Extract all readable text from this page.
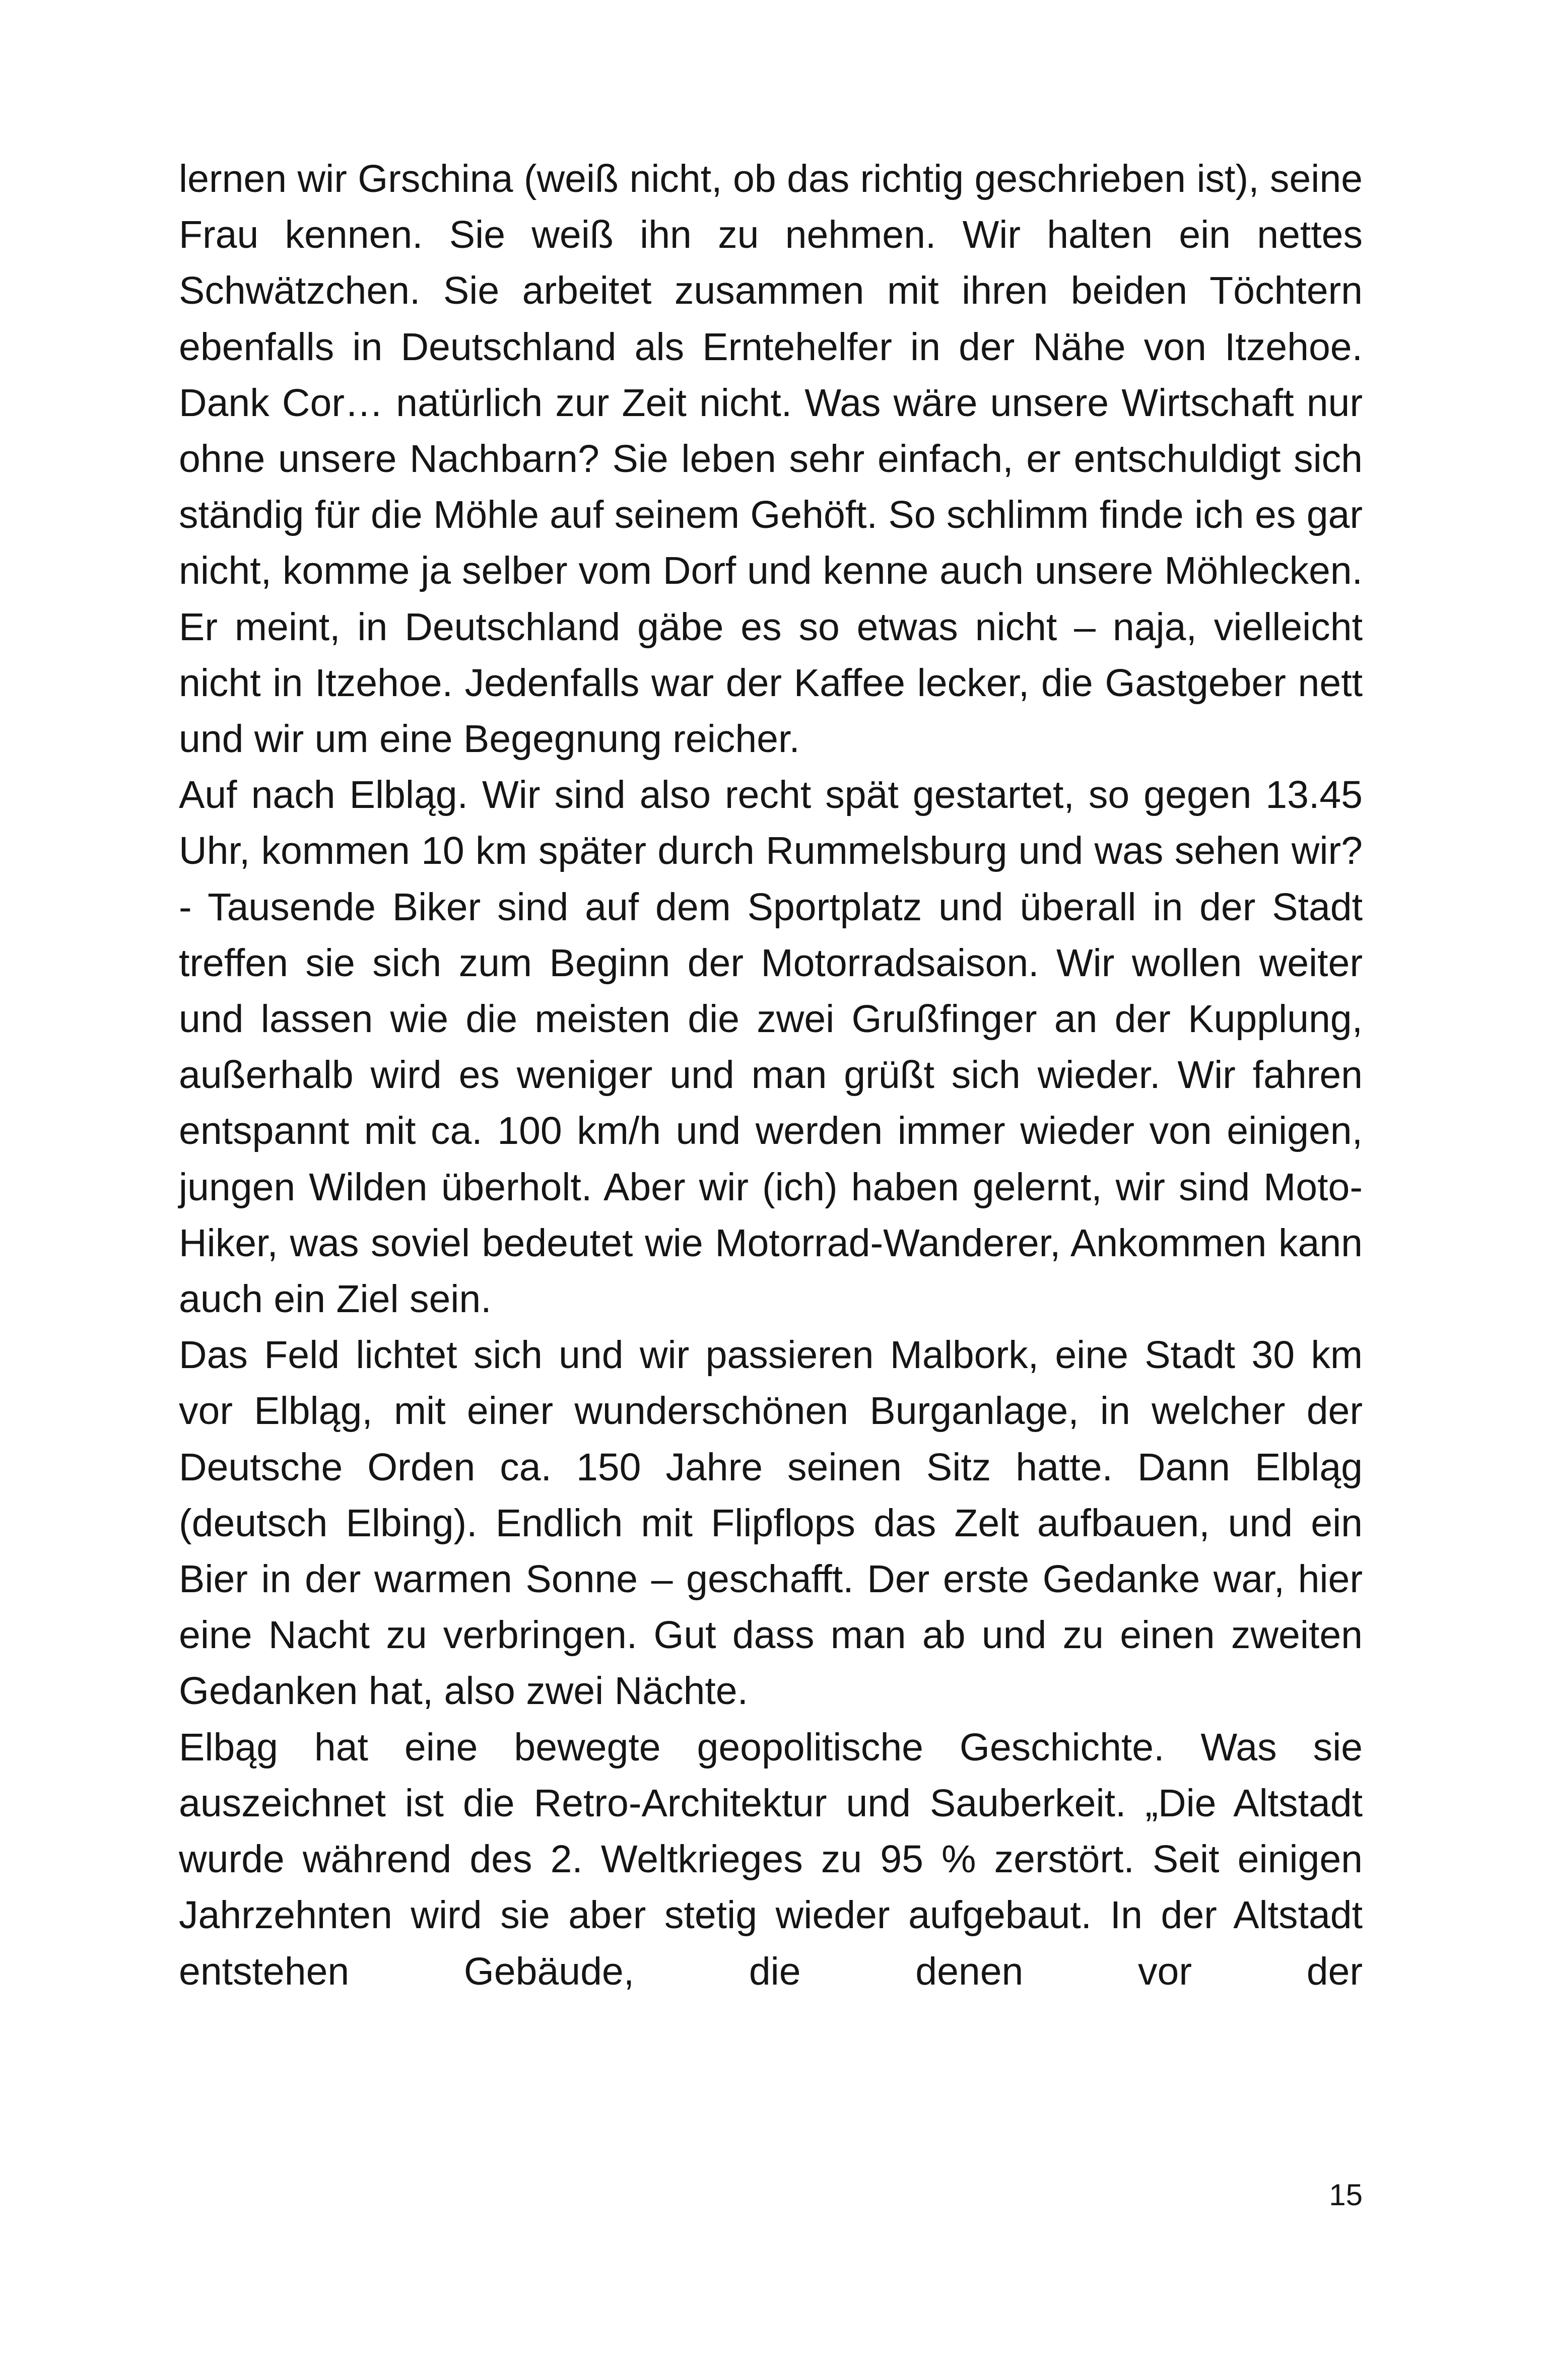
lernen wir Grschina (weiß nicht, ob das richtig geschrieben ist), seine Frau kennen. Sie weiß ihn zu nehmen. Wir halten ein nettes Schwätzchen. Sie arbeitet zusammen mit ihren beiden Töchtern ebenfalls in Deutschland als Erntehelfer in der Nähe von Itzehoe. Dank Cor… natürlich zur Zeit nicht. Was wäre unsere Wirtschaft nur ohne unsere Nachbarn? Sie leben sehr einfach, er entschuldigt sich ständig für die Möhle auf seinem Gehöft. So schlimm finde ich es gar nicht, komme ja selber vom Dorf und kenne auch unsere Möhlecken. Er meint, in Deutschland gäbe es so etwas nicht – naja, vielleicht nicht in Itzehoe. Jedenfalls war der Kaffee lecker, die Gastgeber nett und wir um eine Begegnung reicher.

Auf nach Elbląg. Wir sind also recht spät gestartet, so gegen 13.45 Uhr, kommen 10 km später durch Rummelsburg und was sehen wir?- Tausende Biker sind auf dem Sportplatz und überall in der Stadt treffen sie sich zum Beginn der Motorradsaison. Wir wollen weiter und lassen wie die meisten die zwei Grußfinger an der Kupplung, außerhalb wird es weniger und man grüßt sich wieder. Wir fahren entspannt mit ca. 100 km/h und werden immer wieder von einigen, jungen Wilden überholt. Aber wir (ich) haben gelernt, wir sind Moto-Hiker, was soviel bedeutet wie Motorrad-Wanderer, Ankommen kann auch ein Ziel sein.

Das Feld lichtet sich und wir passieren Malbork, eine Stadt 30 km vor Elbląg, mit einer wunderschönen Burganlage, in welcher der Deutsche Orden ca. 150 Jahre seinen Sitz hatte. Dann Elbląg (deutsch Elbing). Endlich mit Flipflops das Zelt aufbauen, und ein Bier in der warmen Sonne – geschafft. Der erste Gedanke war, hier eine Nacht zu verbringen. Gut dass man ab und zu einen zweiten Gedanken hat, also zwei Nächte.

Elbąg hat eine bewegte geopolitische Geschichte. Was sie auszeichnet ist die Retro-Architektur und Sauberkeit. „Die Altstadt wurde während des 2. Weltkrieges zu 95 % zerstört. Seit einigen Jahrzehnten wird sie aber stetig wieder aufgebaut. In der Altstadt entstehen Gebäude, die denen vor der

15
